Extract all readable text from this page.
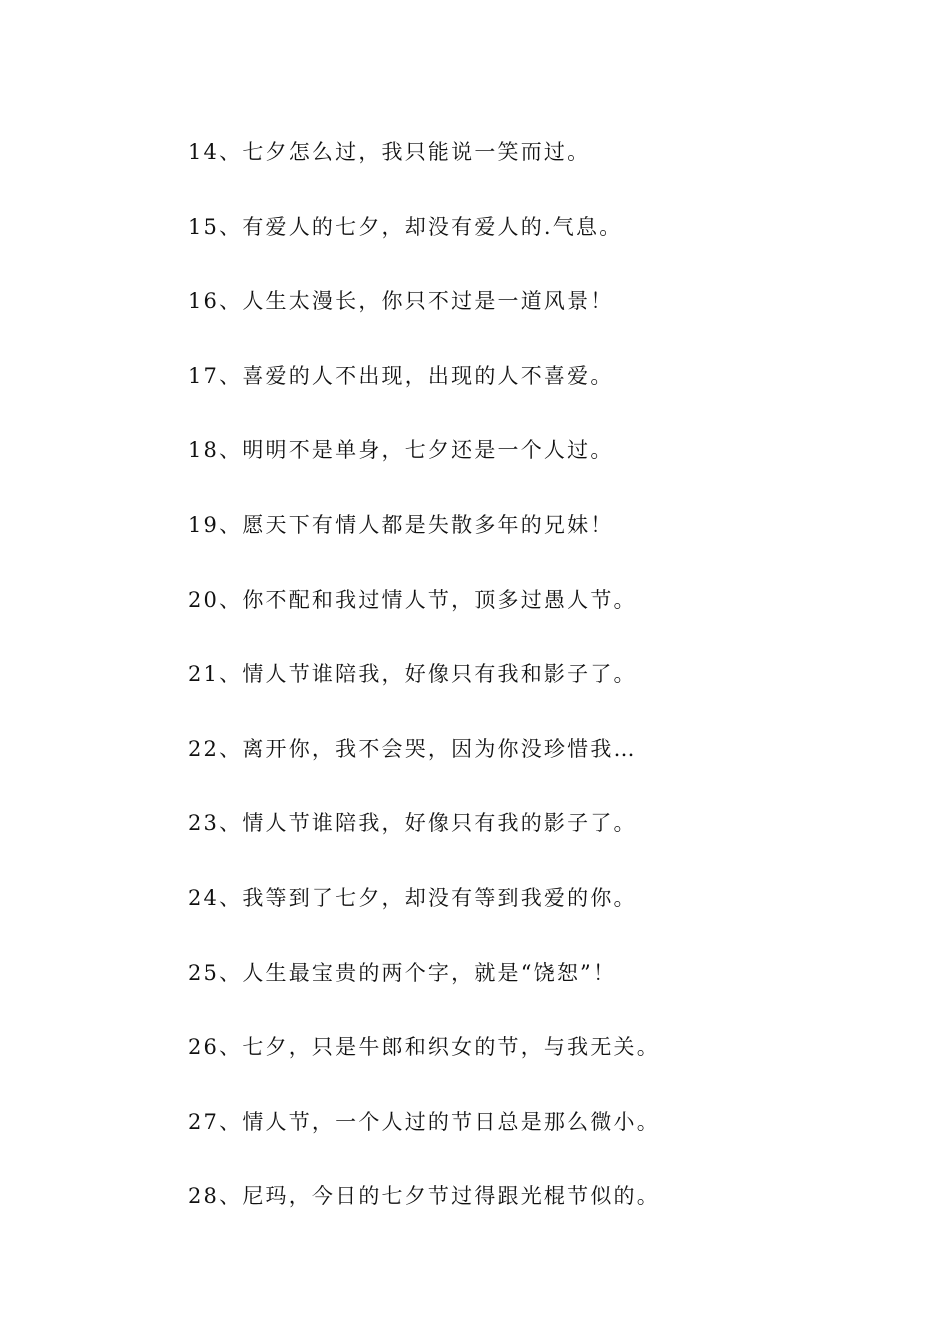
14、七夕怎么过，我只能说一笑而过。
15、有爱人的七夕，却没有爱人的.气息。
16、人生太漫长，你只不过是一道风景！
17、喜爱的人不出现，出现的人不喜爱。
18、明明不是单身，七夕还是一个人过。
19、愿天下有情人都是失散多年的兄妹！
20、你不配和我过情人节，顶多过愚人节。
21、情人节谁陪我，好像只有我和影子了。
22、离开你，我不会哭，因为你没珍惜我…
23、情人节谁陪我，好像只有我的影子了。
24、我等到了七夕，却没有等到我爱的你。
25、人生最宝贵的两个字，就是“饶恕”！
26、七夕，只是牛郎和织女的节，与我无关。
27、情人节，一个人过的节日总是那么微小。
28、尼玛，今日的七夕节过得跟光棍节似的。
